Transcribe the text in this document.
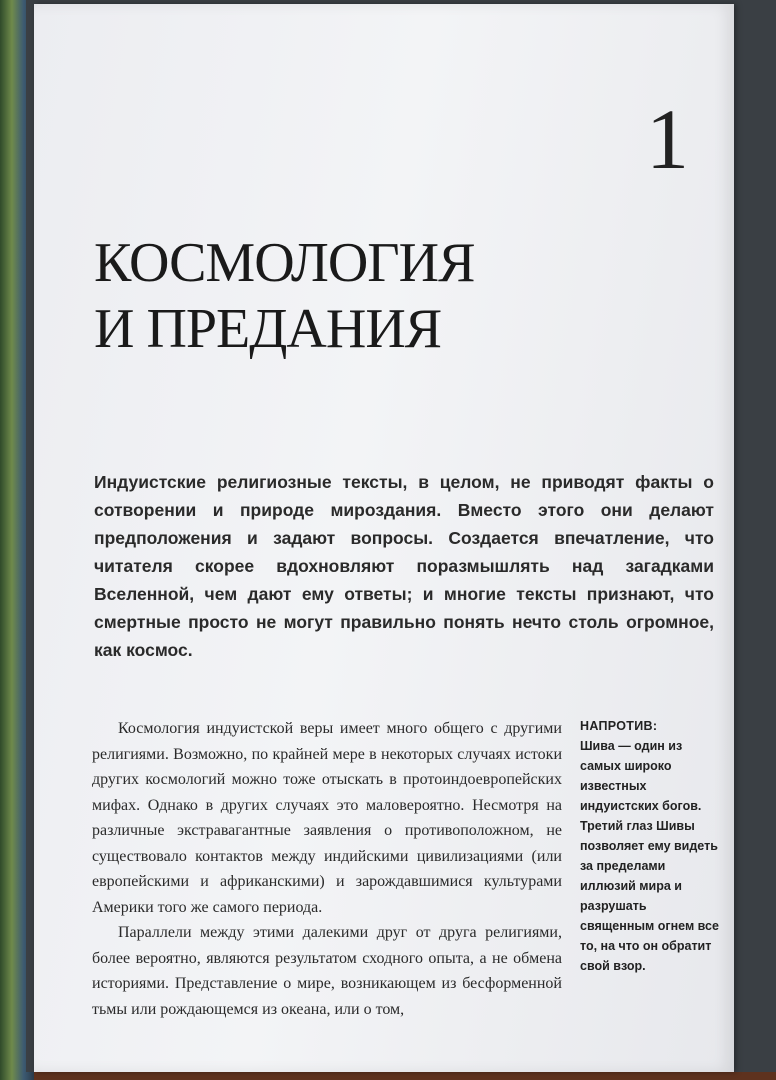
1
КОСМОЛОГИЯ
И ПРЕДАНИЯ

Индуистские религиозные тексты, в целом, не приводят факты о сотворении и природе мироздания. Вместо этого они делают предположения и задают вопросы. Создается впечатление, что читателя скорее вдохновляют поразмышлять над загадками Вселенной, чем дают ему ответы; и многие тексты признают, что смертные просто не могут правильно понять нечто столь огромное, как космос.

Космология индуистской веры имеет много общего с другими религиями. Возможно, по крайней мере в некоторых случаях истоки других космологий можно тоже отыскать в протоиндоевропейских мифах. Однако в других случаях это маловероятно. Несмотря на различные экстравагантные заявления о противоположном, не существовало контактов между индийскими цивилизациями (или европейскими и африканскими) и зарождавшимися культурами Америки того же самого периода.

Параллели между этими далекими друг от друга религиями, более вероятно, являются результатом сходного опыта, а не обмена историями. Представление о мире, возникающем из бесформенной тьмы или рождающемся из океана, или о том,

НАПРОТИВ:
Шива — один из самых широко известных индуистских богов. Третий глаз Шивы позволяет ему видеть за пределами иллюзий мира и разрушать священным огнем все то, на что он обратит свой взор.
